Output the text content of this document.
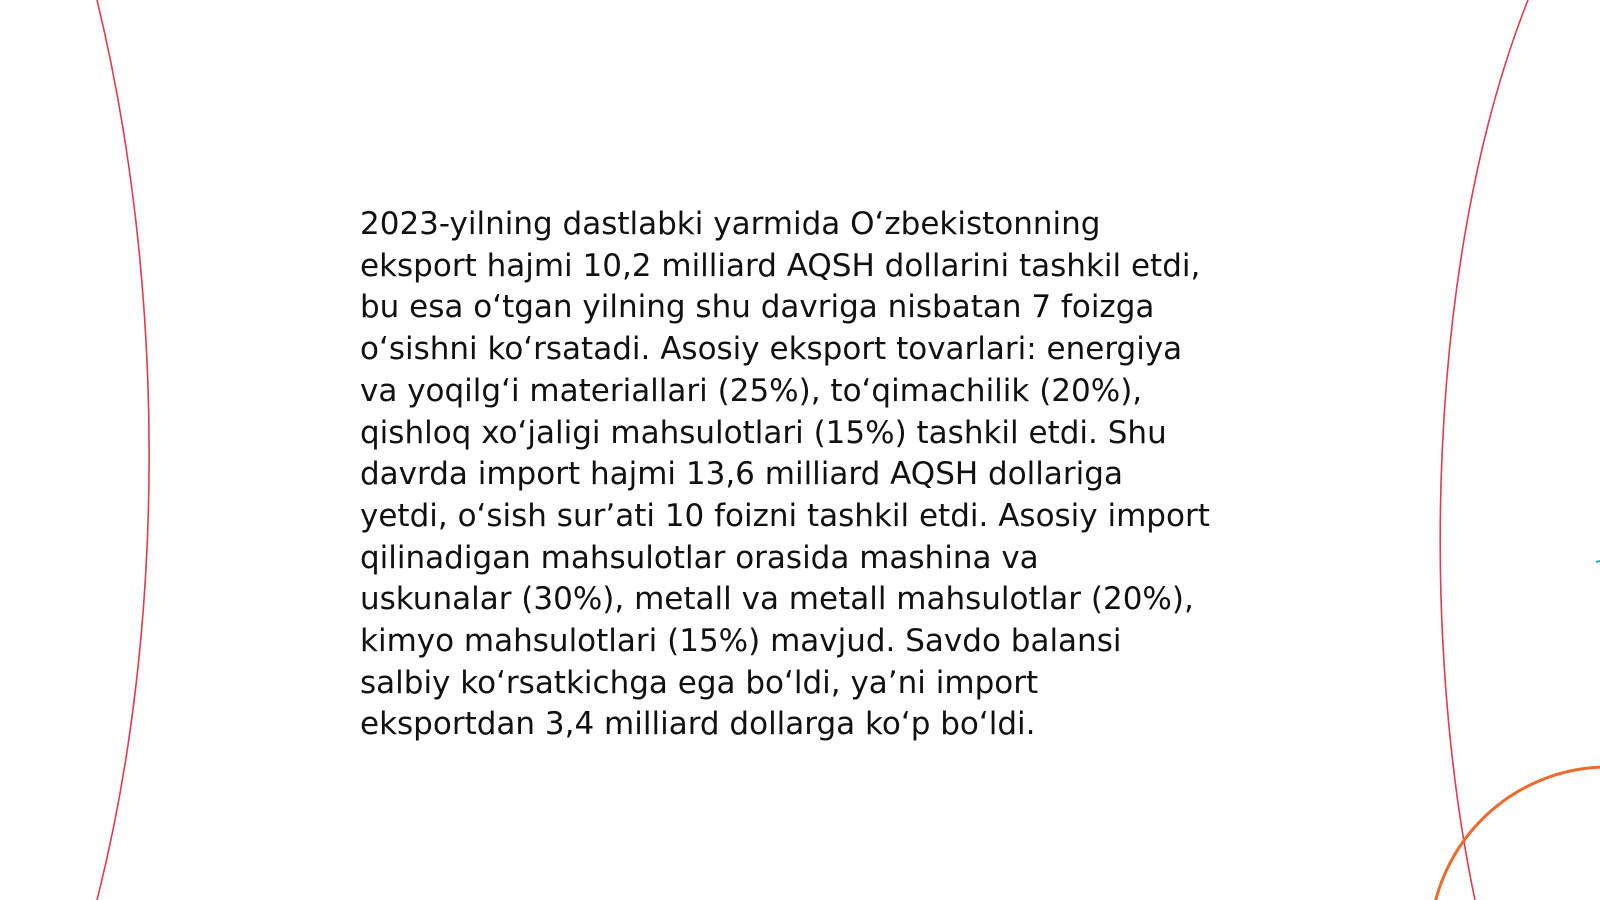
2023-yilning dastlabki yarmida O‘zbekistonning
eksport hajmi 10,2 milliard AQSH dollarini tashkil etdi,
bu esa o‘tgan yilning shu davriga nisbatan 7 foizga
o‘sishni ko‘rsatadi. Asosiy eksport tovarlari: energiya
va yoqilg‘i materiallari (25%), to‘qimachilik (20%),
qishloq xo‘jaligi mahsulotlari (15%) tashkil etdi. Shu
davrda import hajmi 13,6 milliard AQSH dollariga
yetdi, o‘sish sur’ati 10 foizni tashkil etdi. Asosiy import
qilinadigan mahsulotlar orasida mashina va
uskunalar (30%), metall va metall mahsulotlar (20%),
kimyo mahsulotlari (15%) mavjud. Savdo balansi
salbiy ko‘rsatkichga ega bo‘ldi, ya’ni import
eksportdan 3,4 milliard dollarga ko‘p bo‘ldi.
